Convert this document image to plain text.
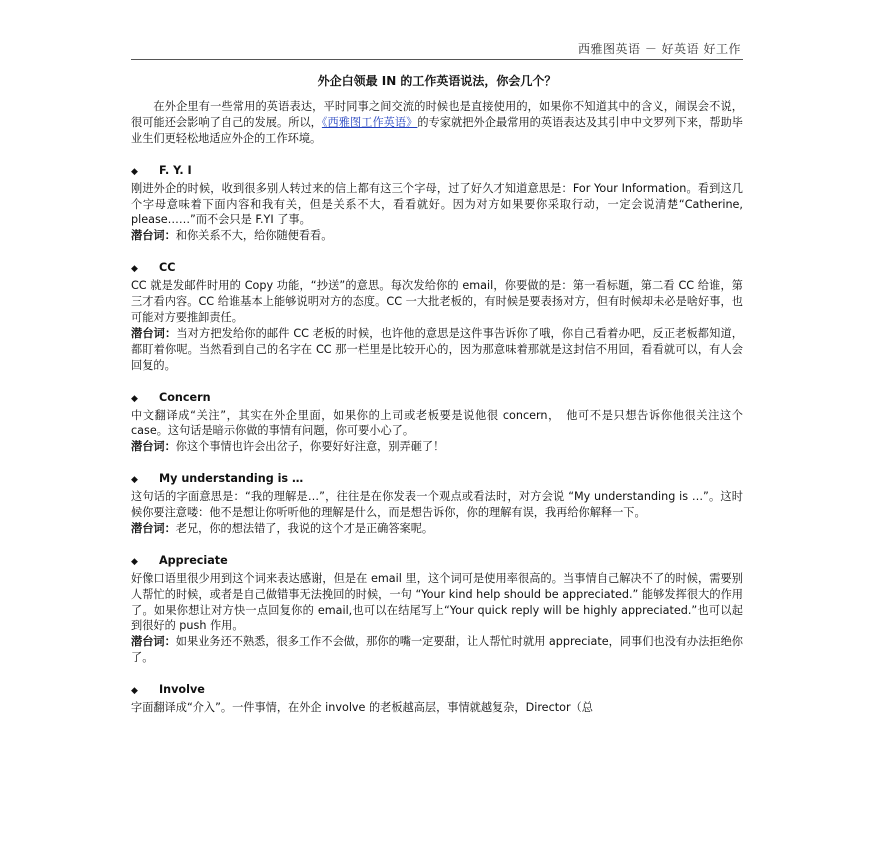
西雅图英语 － 好英语 好工作
外企白领最 IN 的工作英语说法，你会几个？

在外企里有一些常用的英语表达，平时同事之间交流的时候也是直接使用的，如果你不知道其中的含义，闹误会不说，很可能还会影响了自己的发展。所以，《西雅图工作英语》的专家就把外企最常用的英语表达及其引申中文罗列下来，帮助毕业生们更轻松地适应外企的工作环境。

◆ F. Y. I

刚进外企的时候，收到很多别人转过来的信上都有这三个字母，过了好久才知道意思是：For Your Information。看到这几个字母意味着下面内容和我有关，但是关系不大，看看就好。因为对方如果要你采取行动，一定会说清楚“Catherine, please……”而不会只是 F.YI 了事。

潜台词：和你关系不大，给你随便看看。

◆ CC

CC 就是发邮件时用的 Copy 功能，“抄送”的意思。每次发给你的 email，你要做的是：第一看标题，第二看 CC 给谁，第三才看内容。CC 给谁基本上能够说明对方的态度。CC 一大批老板的，有时候是要表扬对方，但有时候却未必是啥好事，也可能对方要推卸责任。

潜台词：当对方把发给你的邮件 CC 老板的时候，也许他的意思是这件事告诉你了哦，你自己看着办吧，反正老板都知道，都盯着你呢。当然看到自己的名字在 CC 那一栏里是比较开心的，因为那意味着那就是这封信不用回，看看就可以，有人会回复的。

◆ Concern

中文翻译成“关注”，其实在外企里面，如果你的上司或老板要是说他很 concern，　他可不是只想告诉你他很关注这个 case。这句话是暗示你做的事情有问题，你可要小心了。

潜台词：你这个事情也许会出岔子，你要好好注意，别弄砸了！

◆ My understanding is …

这句话的字面意思是：“我的理解是…”，往往是在你发表一个观点或看法时，对方会说 “My understanding is …”。这时候你要注意喽：他不是想让你听听他的理解是什么，而是想告诉你，你的理解有误，我再给你解释一下。

潜台词：老兄，你的想法错了，我说的这个才是正确答案呢。

◆ Appreciate

好像口语里很少用到这个词来表达感谢，但是在 email 里，这个词可是使用率很高的。当事情自己解决不了的时候，需要别人帮忙的时候，或者是自己做错事无法挽回的时候，一句 “Your kind help should be appreciated.” 能够发挥很大的作用了。如果你想让对方快一点回复你的 email,也可以在结尾写上“Your quick reply will be highly appreciated.”也可以起到很好的 push 作用。

潜台词：如果业务还不熟悉，很多工作不会做，那你的嘴一定要甜，让人帮忙时就用 appreciate，同事们也没有办法拒绝你了。

◆ Involve

字面翻译成“介入”。一件事情，在外企 involve 的老板越高层，事情就越复杂，Director（总
